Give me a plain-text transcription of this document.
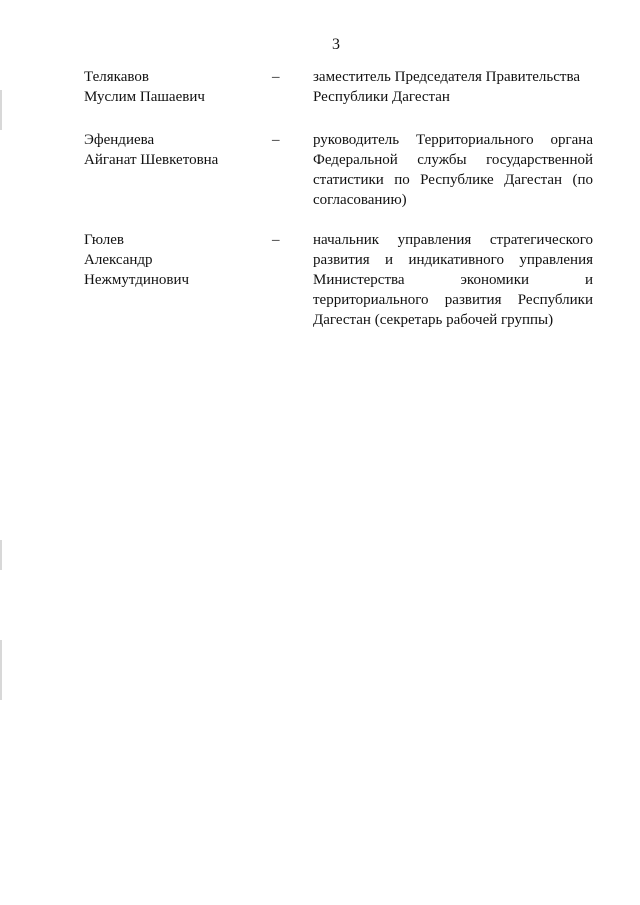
3
Телякавов
Муслим Пашаевич
–	заместитель Председателя Правительства
Республики Дагестан
Эфендиева
Айганат Шевкетовна
–	руководитель Территориального органа
Федеральной службы государственной
статистики по Республике Дагестан (по
согласованию)
Гюлев
Александр
Нежмутдинович
–	начальник управления стратегического
развития и индикативного управления
Министерства экономики и
территориального развития Республики
Дагестан (секретарь рабочей группы)
